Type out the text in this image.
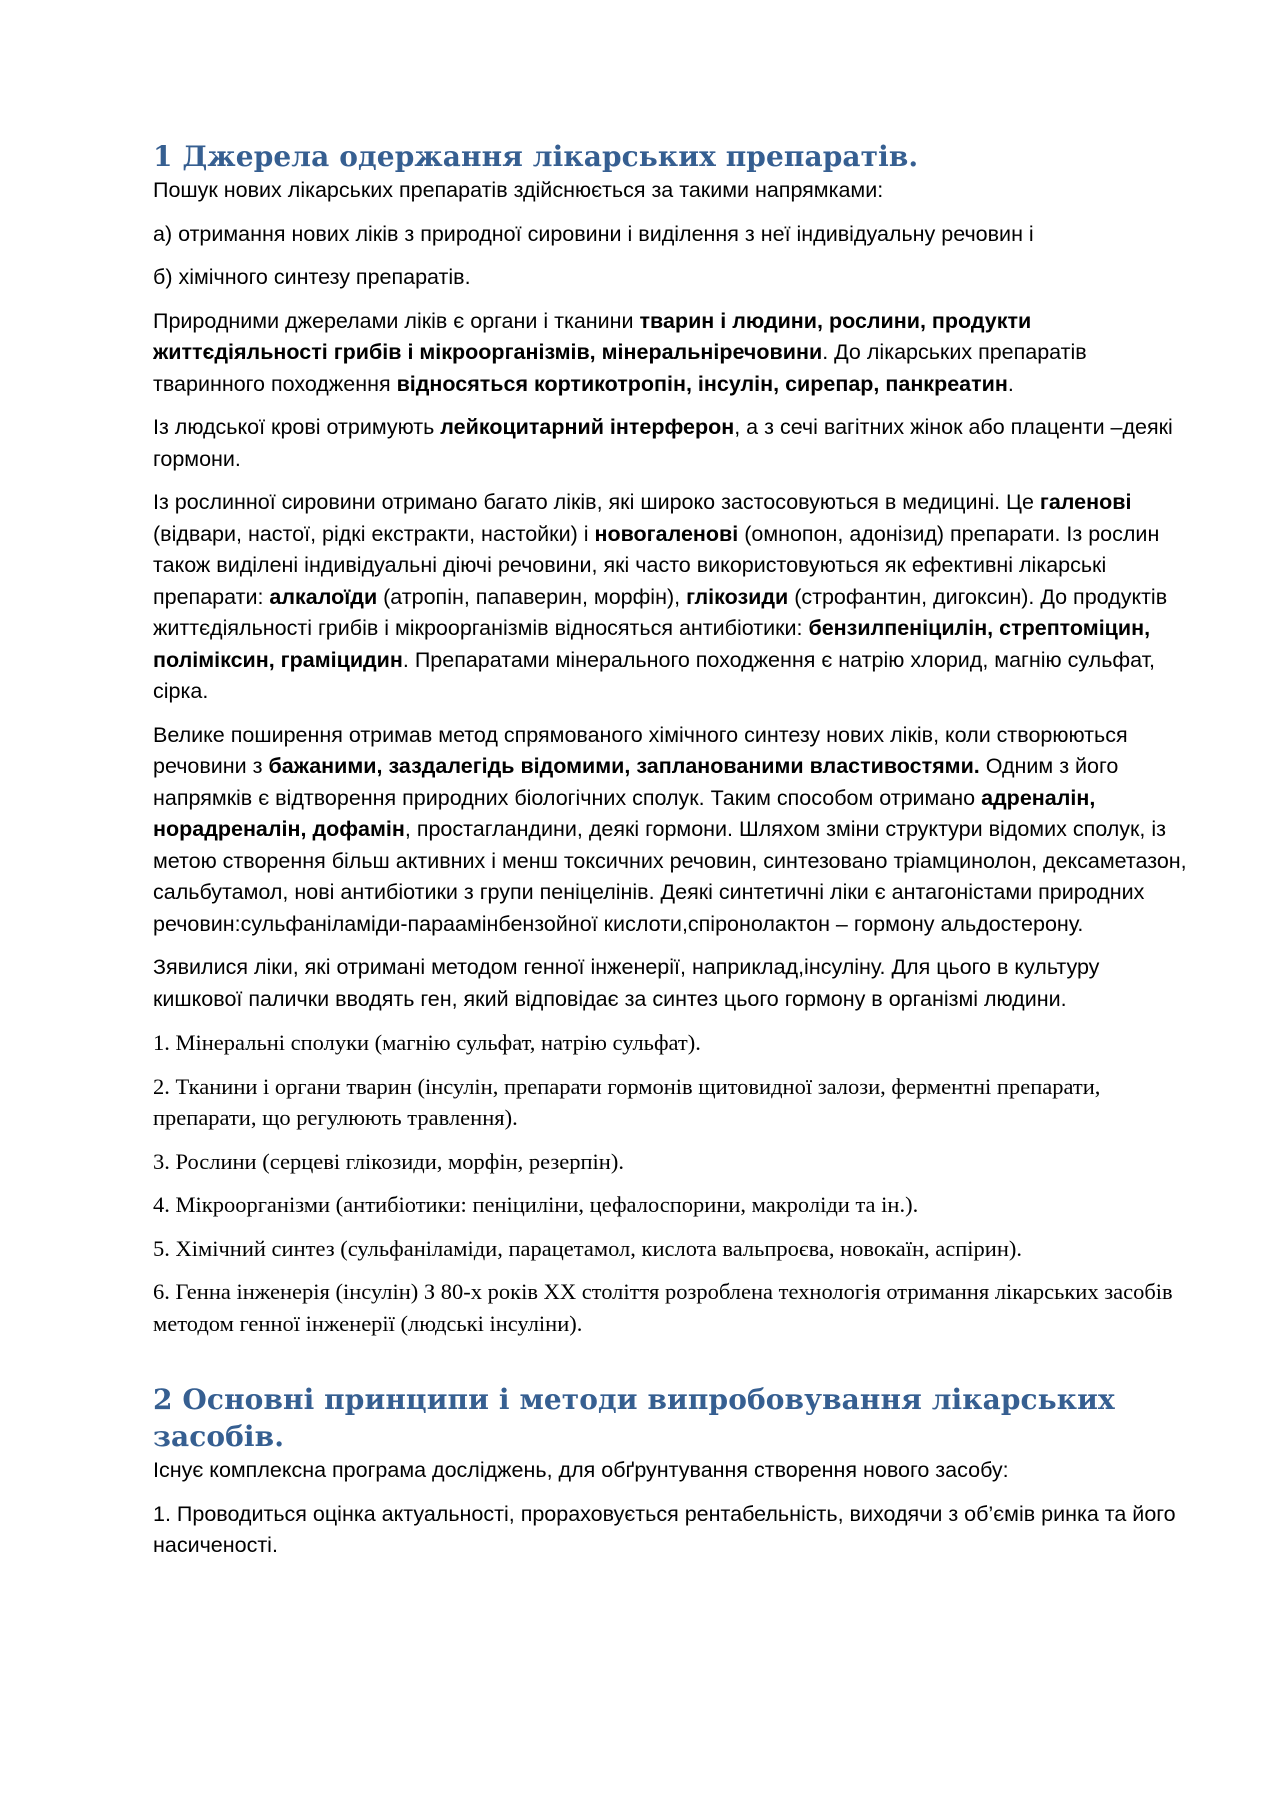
1 Джерела одержання лікарських препаратів.

Пошук нових лікарських препаратів здійснюється за такими напрямками:

а) отримання нових ліків з природної сировини і виділення з неї індивідуальну речовин і

б) хімічного синтезу препаратів.

Природними джерелами ліків є органи і тканини тварин і людини, рослини, продукти життєдіяльності грибів і мікроорганізмів, мінеральніречовини. До лікарських препаратів тваринного походження відносяться кортикотропін, інсулін, сирепар, панкреатин.

Із людської крові отримують лейкоцитарний інтерферон, а з сечі вагітних жінок або плаценти –деякі гормони.

Із рослинної сировини отримано багато ліків, які широко застосовуються в медицині. Це галенові (відвари, настої, рідкі екстракти, настойки) і новогаленові (омнопон, адонізид) препарати. Із рослин також виділені індивідуальні діючі речовини, які часто використовуються як ефективні лікарські препарати: алкалоїди (атропін, папаверин, морфін), глікозиди (строфантин, дигоксин). До продуктів життєдіяльності грибів і мікроорганізмів відносяться антибіотики: бензилпеніцилін, стрептоміцин, поліміксин, граміцидин. Препаратами мінерального походження є натрію хлорид, магнію сульфат, сірка.

Велике поширення отримав метод спрямованого хімічного синтезу нових ліків, коли створюються речовини з бажаними, заздалегідь відомими, запланованими властивостями. Одним з його напрямків є відтворення природних біологічних сполук. Таким способом отримано адреналін, норадреналін, дофамін, простагландини, деякі гормони. Шляхом зміни структури відомих сполук, із метою створення більш активних і менш токсичних речовин, синтезовано тріамцинолон, дексаметазон, сальбутамол, нові антибіотики з групи пеніцелінів. Деякі синтетичні ліки є антагоністами природних речовин:сульфаніламіди-параамінбензойної кислоти,спіронолактон – гормону альдостерону.

Зявилися ліки, які отримані методом генної інженерії, наприклад,інсуліну. Для цього в культуру кишкової палички вводять ген, який відповідає за синтез цього гормону в організмі людини.

1. Мінеральні сполуки (магнію сульфат, натрію сульфат).

2. Тканини і органи тварин (інсулін, препарати гормонів щитовидної залози, ферментні препарати, препарати, що регулюють травлення).

3. Рослини (серцеві глікозиди, морфін, резерпін).

4. Мікроорганізми (антибіотики: пеніциліни, цефалоспорини, макроліди та ін.).

5. Хімічний синтез (сульфаніламіди, парацетамол, кислота вальпроєва, новокаїн, аспірин).

6. Генна інженерія (інсулін) З 80-х років ХХ століття розроблена технологія отримання лікарських засобів методом генної інженерії (людські інсуліни).

2 Основні принципи і методи випробовування лікарських засобів.

Існує комплексна програма досліджень, для обґрунтування створення нового засобу:

1. Проводиться оцінка актуальності, прораховується рентабельність, виходячи з об’ємів ринка та його насиченості.
